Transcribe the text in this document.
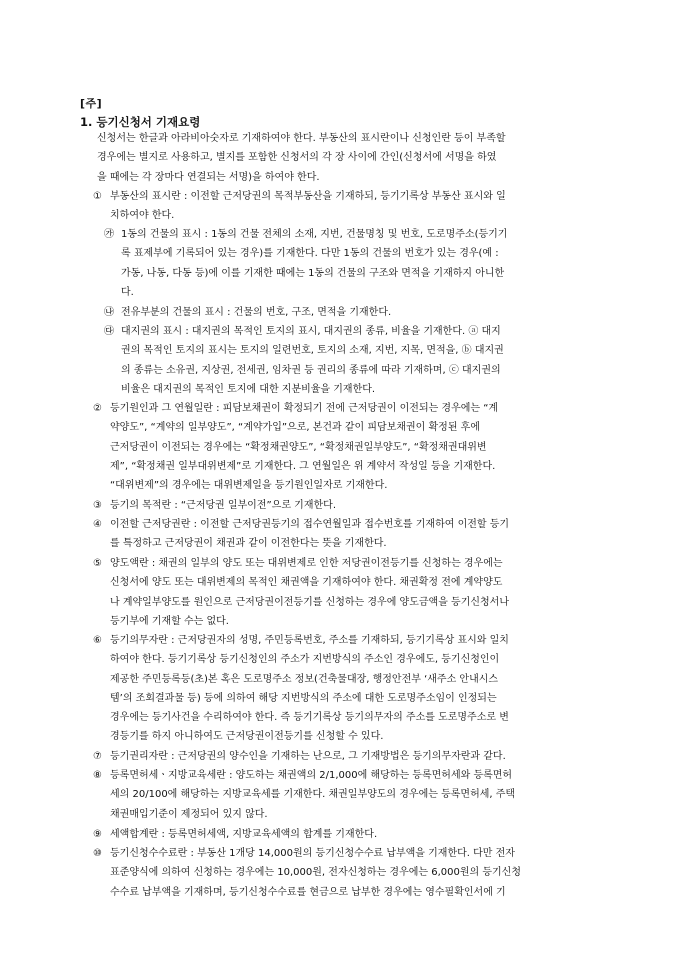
[주]
1. 등기신청서 기재요령
신청서는 한글과 아라비아숫자로 기재하여야 한다. 부동산의 표시란이나 신청인란 등이 부족할
경우에는 별지로 사용하고, 별지를 포함한 신청서의 각 장 사이에 간인(신청서에 서명을 하였
을 때에는 각 장마다 연결되는 서명)을 하여야 한다.
① 부동산의 표시란 : 이전할 근저당권의 목적부동산을 기재하되, 등기기록상 부동산 표시와 일
치하여야 한다.
㉮ 1동의 건물의 표시 : 1동의 건물 전체의 소재, 지번, 건물명칭 및 번호, 도로명주소(등기기
록 표제부에 기록되어 있는 경우)를 기재한다. 다만 1동의 건물의 번호가 있는 경우(예 :
가동, 나동, 다동 등)에 이를 기재한 때에는 1동의 건물의 구조와 면적을 기재하지 아니한
다.
㉯ 전유부분의 건물의 표시 : 건물의 번호, 구조, 면적을 기재한다.
㉰ 대지권의 표시 : 대지권의 목적인 토지의 표시, 대지권의 종류, 비율을 기재한다. ⓐ 대지
권의 목적인 토지의 표시는 토지의 일련번호, 토지의 소재, 지번, 지목, 면적을, ⓑ 대지권
의 종류는 소유권, 지상권, 전세권, 임차권 등 권리의 종류에 따라 기재하며, ⓒ 대지권의
비율은 대지권의 목적인 토지에 대한 지분비율을 기재한다.
② 등기원인과 그 연월일란 : 피담보채권이 확정되기 전에 근저당권이 이전되는 경우에는 “계
약양도”, “계약의 일부양도”, “계약가입”으로, 본건과 같이 피담보채권이 확정된 후에
근저당권이 이전되는 경우에는 “확정채권양도”, “확정채권일부양도”, “확정채권대위변
제”, “확정채권 일부대위변제”로 기재한다. 그 연월일은 위 계약서 작성일 등을 기재한다.
“대위변제”의 경우에는 대위변제일을 등기원인일자로 기재한다.
③ 등기의 목적란 : “근저당권 일부이전”으로 기재한다.
④ 이전할 근저당권란 : 이전할 근저당권등기의 접수연월일과 접수번호를 기재하여 이전할 등기
를 특정하고 근저당권이 채권과 같이 이전한다는 뜻을 기재한다.
⑤ 양도액란 : 채권의 일부의 양도 또는 대위변제로 인한 저당권이전등기를 신청하는 경우에는
신청서에 양도 또는 대위변제의 목적인 채권액을 기재하여야 한다. 채권확정 전에 계약양도
나 계약일부양도를 원인으로 근저당권이전등기를 신청하는 경우에 양도금액을 등기신청서나
등기부에 기재할 수는 없다.
⑥ 등기의무자란 : 근저당권자의 성명, 주민등록번호, 주소를 기재하되, 등기기록상 표시와 일치
하여야 한다. 등기기록상 등기신청인의 주소가 지번방식의 주소인 경우에도, 등기신청인이
제공한 주민등록등(초)본 혹은 도로명주소 정보(건축물대장, 행정안전부 ‘새주소 안내시스
템’의 조회결과물 등) 등에 의하여 해당 지번방식의 주소에 대한 도로명주소임이 인정되는
경우에는 등기사건을 수리하여야 한다. 즉 등기기록상 등기의무자의 주소를 도로명주소로 변
경등기를 하지 아니하여도 근저당권이전등기를 신청할 수 있다.
⑦ 등기권리자란 : 근저당권의 양수인을 기재하는 난으로, 그 기재방법은 등기의무자란과 같다.
⑧ 등록면허세ㆍ지방교육세란 : 양도하는 채권액의 2/1,000에 해당하는 등록면허세와 등록면허
세의 20/100에 해당하는 지방교육세를 기재한다. 채권일부양도의 경우에는 등록면허세, 주택
채권매입기준이 제정되어 있지 않다.
⑨ 세액합계란 : 등록면허세액, 지방교육세액의 합계를 기재한다.
⑩ 등기신청수수료란 : 부동산 1개당 14,000원의 등기신청수수료 납부액을 기재한다. 다만 전자
표준양식에 의하여 신청하는 경우에는 10,000원, 전자신청하는 경우에는 6,000원의 등기신청
수수료 납부액을 기재하며, 등기신청수수료를 현금으로 납부한 경우에는 영수필확인서에 기
